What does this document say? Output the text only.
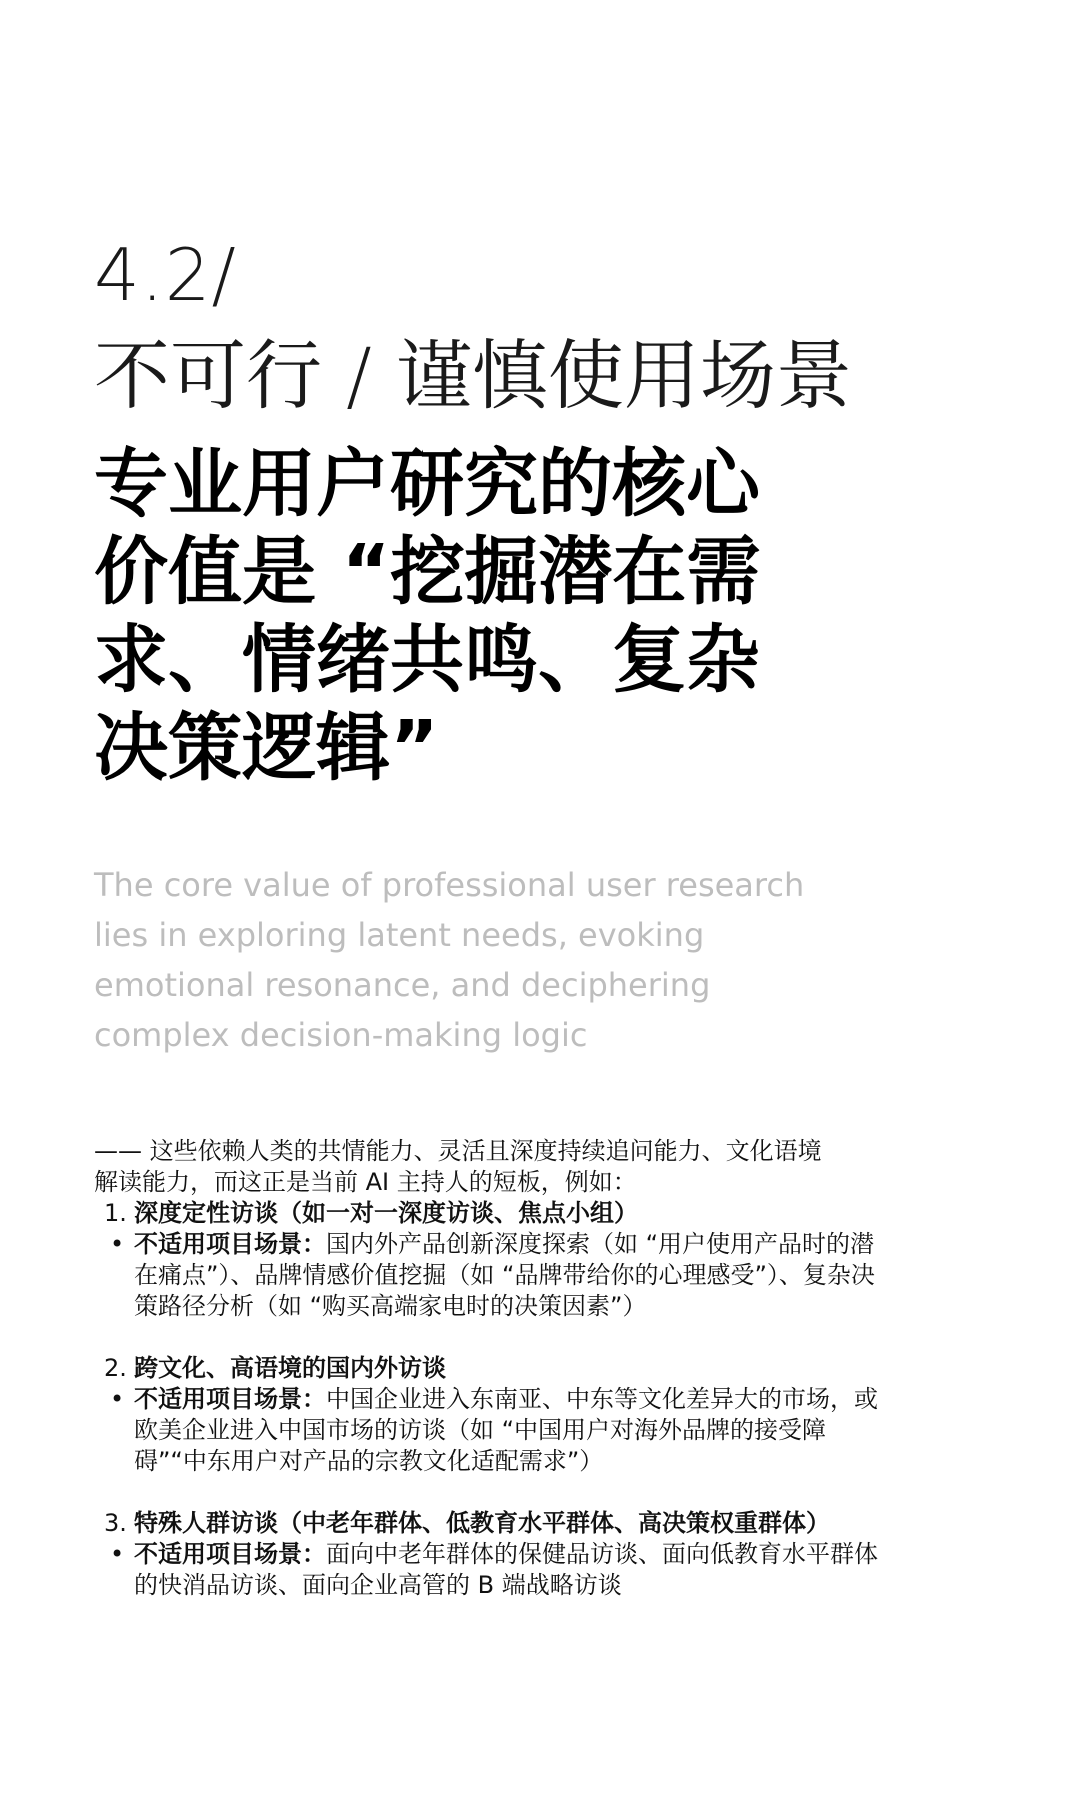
4.2/
不可行 / 谨慎使用场景
专业用户研究的核心
价值是 “挖掘潜在需
求、情绪共鸣、复杂
决策逻辑”
The core value of professional user research
lies in exploring latent needs, evoking
emotional resonance, and deciphering
complex decision-making logic
—— 这些依赖人类的共情能力、灵活且深度持续追问能力、文化语境
解读能力，而这正是当前 AI 主持人的短板，例如：
1. 深度定性访谈（如一对一深度访谈、焦点小组）
• 不适用项目场景：国内外产品创新深度探索（如 “用户使用产品时的潜在痛点”）、品牌情感价值挖掘（如 “品牌带给你的心理感受”）、复杂决策路径分析（如 “购买高端家电时的决策因素”）
2. 跨文化、高语境的国内外访谈
• 不适用项目场景：中国企业进入东南亚、中东等文化差异大的市场，或欧美企业进入中国市场的访谈（如 “中国用户对海外品牌的接受障碍”“中东用户对产品的宗教文化适配需求”）
3. 特殊人群访谈（中老年群体、低教育水平群体、高决策权重群体）
• 不适用项目场景：面向中老年群体的保健品访谈、面向低教育水平群体的快消品访谈、面向企业高管的 B 端战略访谈
